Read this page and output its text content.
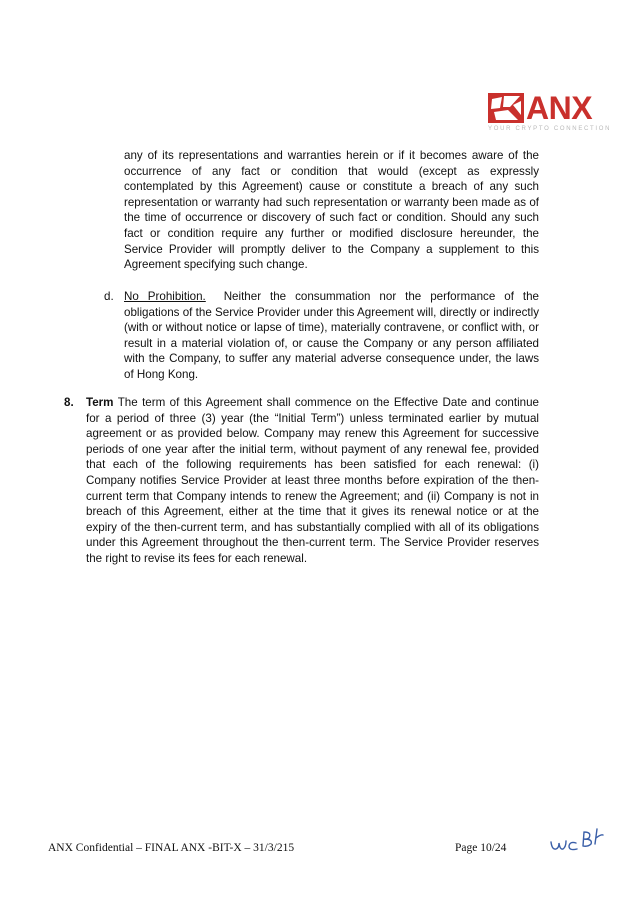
ANX
YOUR CRYPTO CONNECTION

any of its representations and warranties herein or if it becomes aware of the occurrence of any fact or condition that would (except as expressly contemplated by this Agreement) cause or constitute a breach of any such representation or warranty had such representation or warranty been made as of the time of occurrence or discovery of such fact or condition. Should any such fact or condition require any further or modified disclosure hereunder, the Service Provider will promptly deliver to the Company a supplement to this Agreement specifying such change.

d. No Prohibition. Neither the consummation nor the performance of the obligations of the Service Provider under this Agreement will, directly or indirectly (with or without notice or lapse of time), materially contravene, or conflict with, or result in a material violation of, or cause the Company or any person affiliated with the Company, to suffer any material adverse consequence under, the laws of Hong Kong.

8. Term The term of this Agreement shall commence on the Effective Date and continue for a period of three (3) year (the “Initial Term”) unless terminated earlier by mutual agreement or as provided below. Company may renew this Agreement for successive periods of one year after the initial term, without payment of any renewal fee, provided that each of the following requirements has been satisfied for each renewal: (i) Company notifies Service Provider at least three months before expiration of the then-current term that Company intends to renew the Agreement; and (ii) Company is not in breach of this Agreement, either at the time that it gives its renewal notice or at the expiry of the then-current term, and has substantially complied with all of its obligations under this Agreement throughout the then-current term. The Service Provider reserves the right to revise its fees for each renewal.

ANX Confidential – FINAL ANX -BIT-X – 31/3/215	Page 10/24
